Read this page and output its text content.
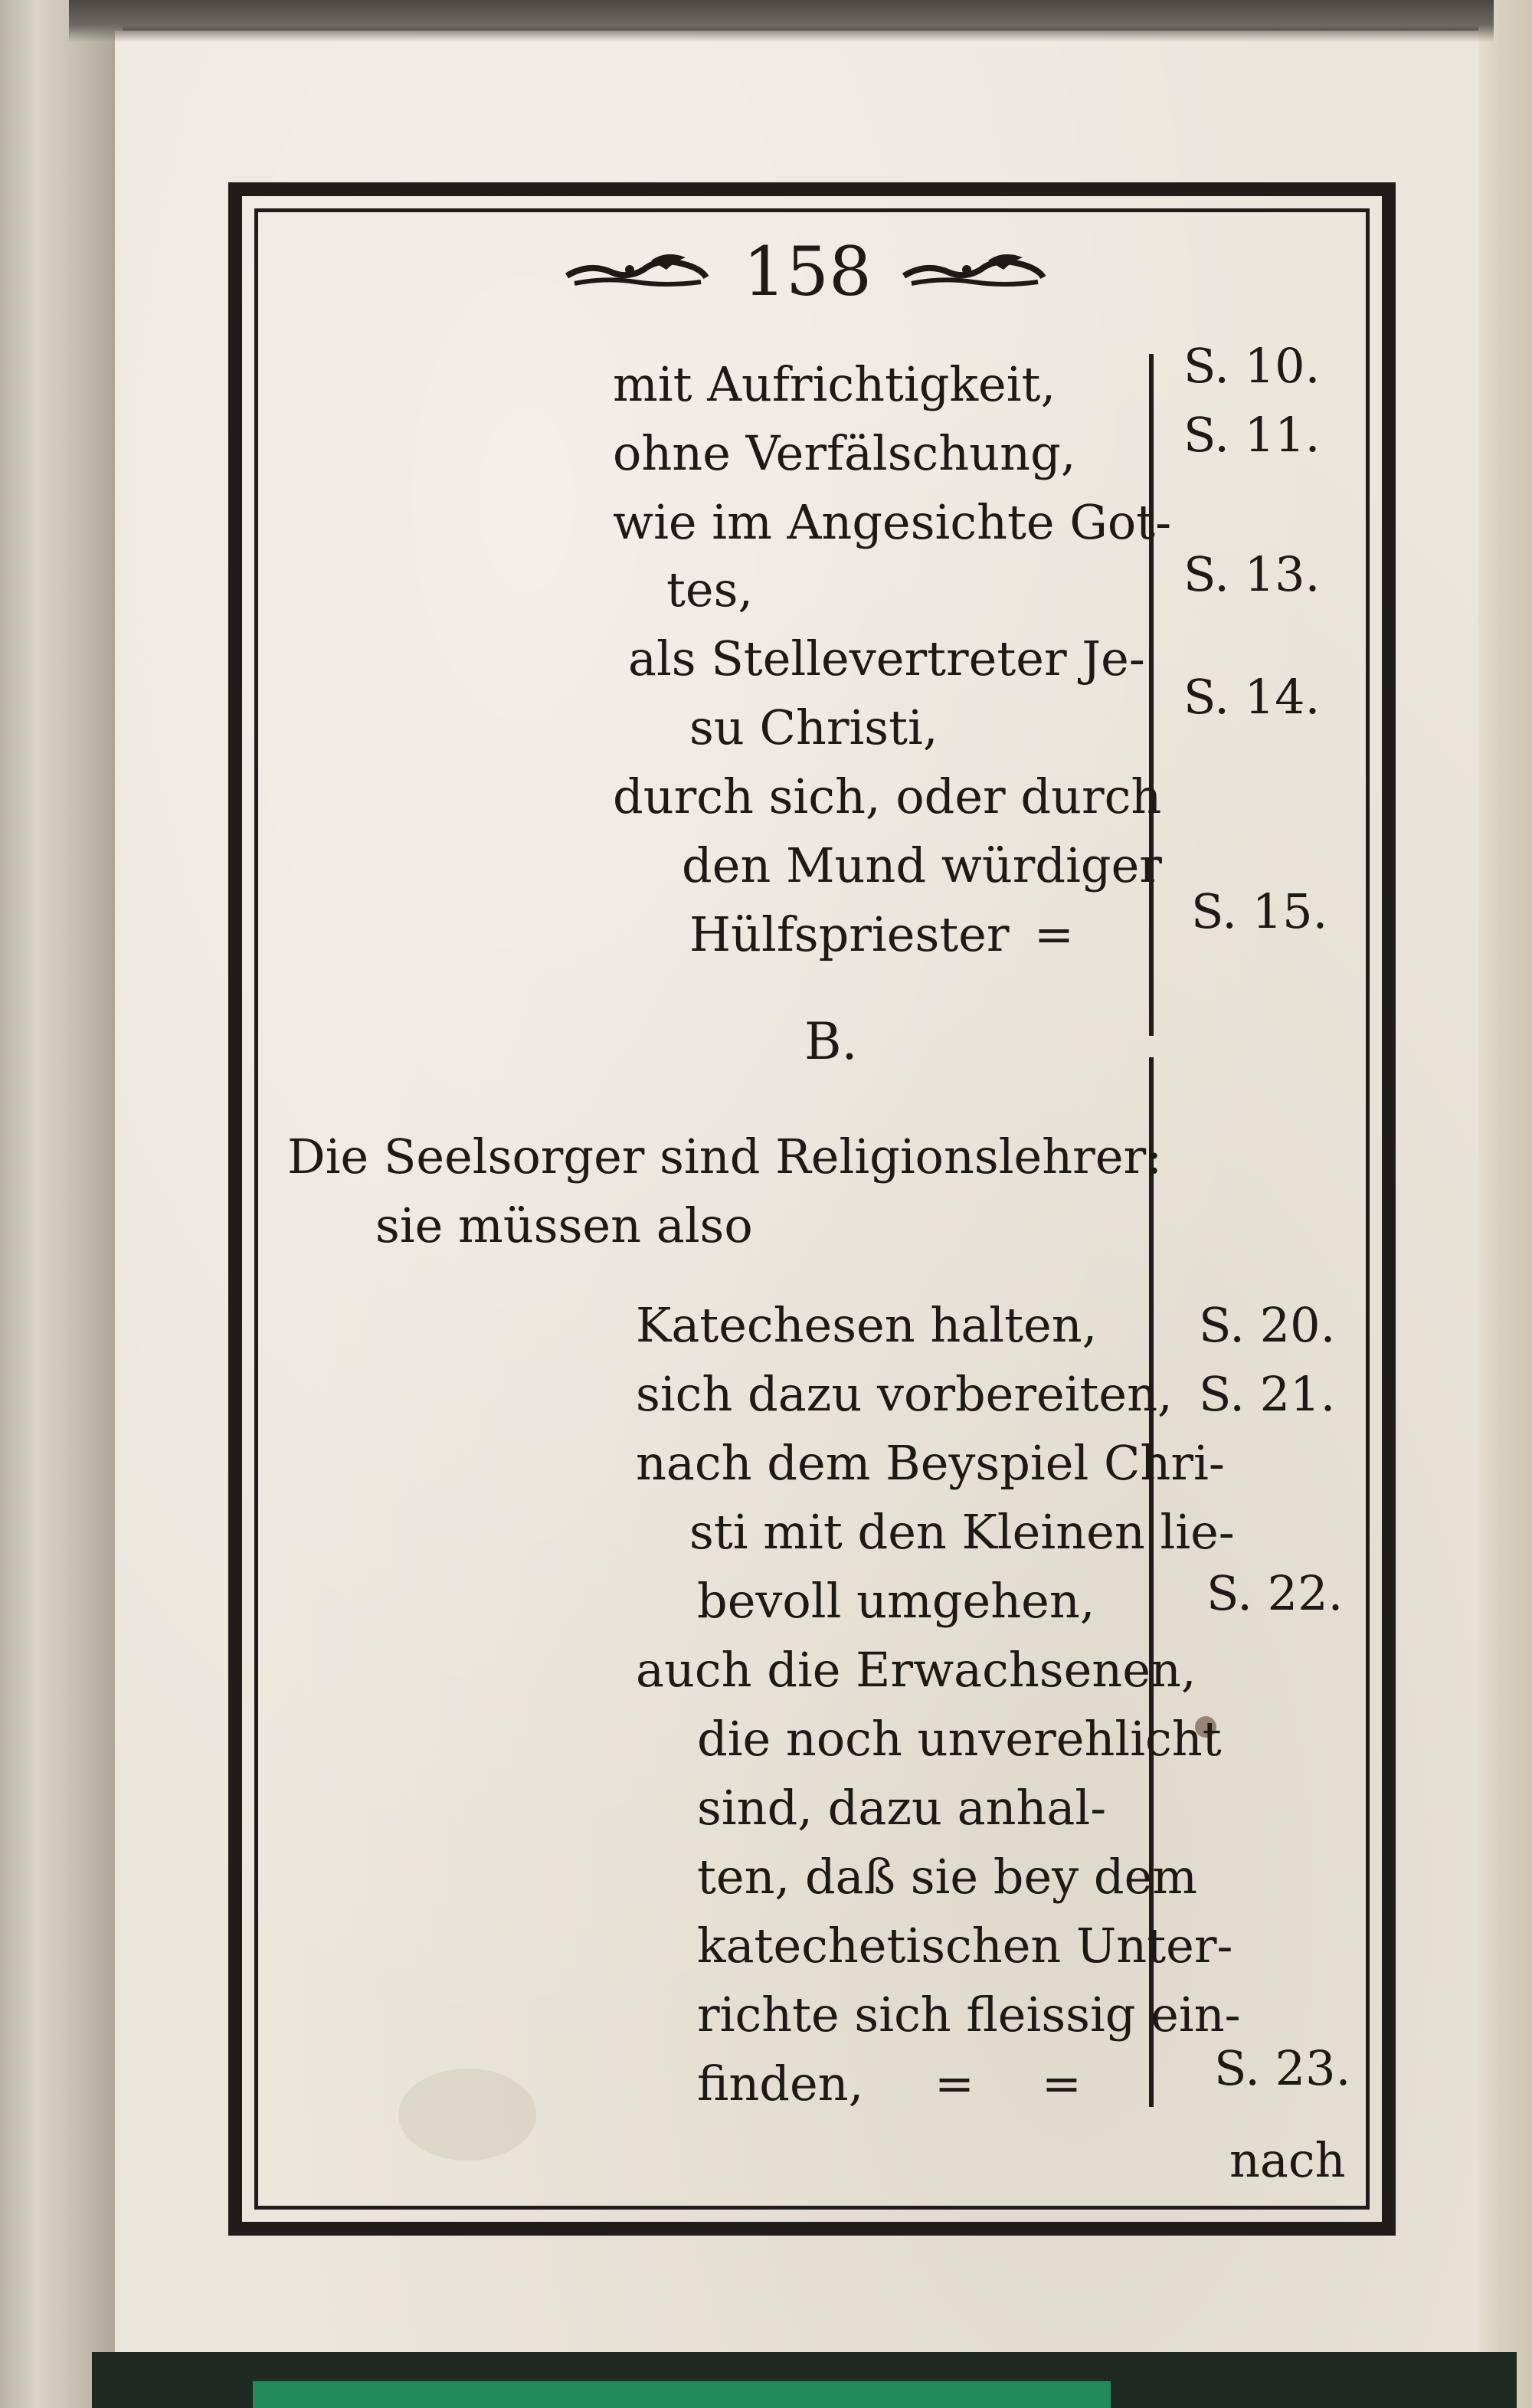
158
mit Aufrichtigkeit,
ohne Verfälschung,
wie im Angesichte Got-
tes,
als Stellevertreter Je-
su Christi,
durch sich, oder durch
den Mund würdiger
Hülfspriester =
B.
Die Seelsorger sind Religionslehrer:
sie müssen also
Katechesen halten,
sich dazu vorbereiten,
nach dem Beyspiel Chri-
sti mit den Kleinen lie-
bevoll umgehen,
auch die Erwachsenen,
die noch unverehlicht
sind, dazu anhal-
ten, daß sie bey dem
katechetischen Unter-
richte sich fleissig ein-
finden, = =
S. 10.
S. 11.
S. 13.
S. 14.
S. 15.
S. 20.
S. 21.
S. 22.
S. 23.
nach
